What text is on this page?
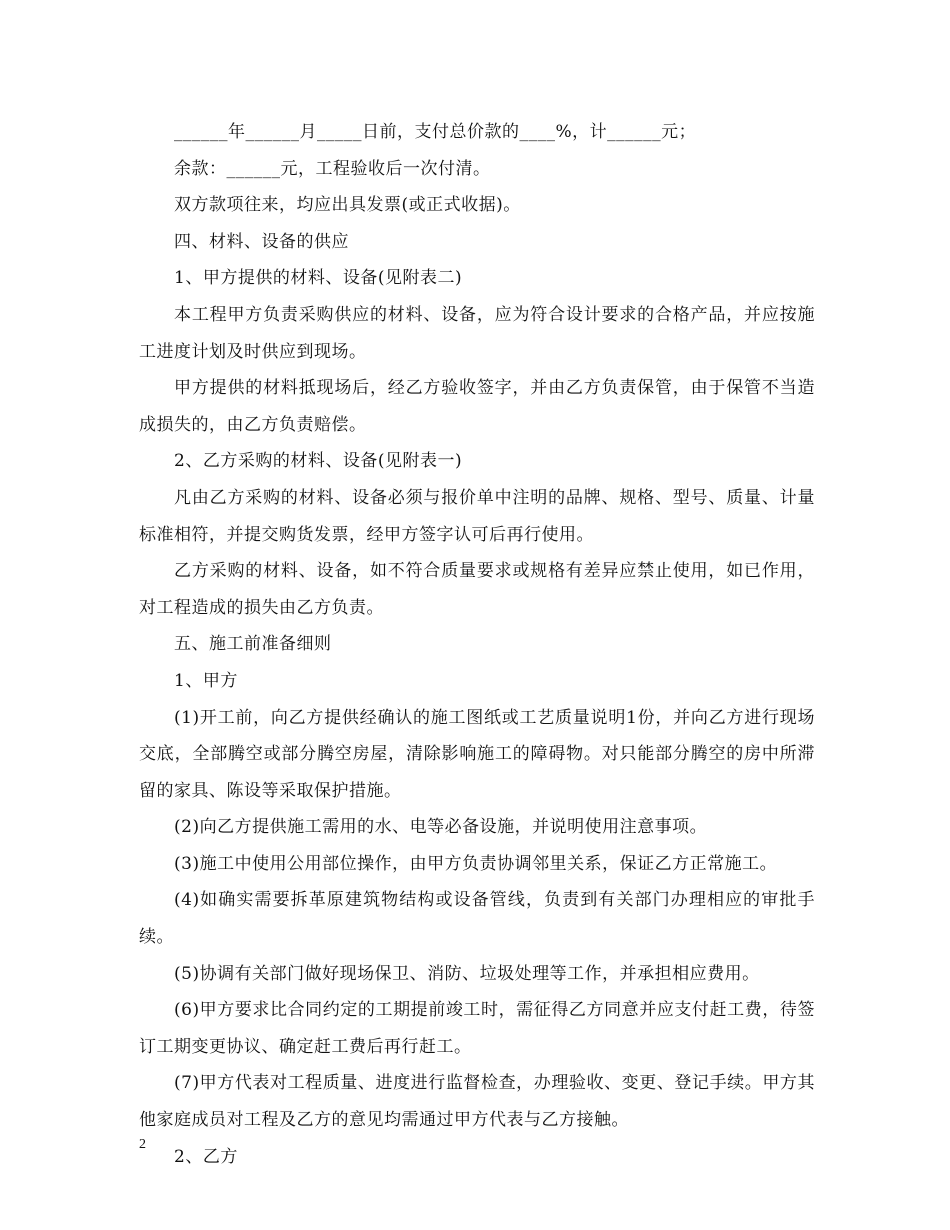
______年______月_____日前，支付总价款的____%，计______元；

余款：______元，工程验收后一次付清。

双方款项往来，均应出具发票(或正式收据)。

四、材料、设备的供应

1、甲方提供的材料、设备(见附表二)

本工程甲方负责采购供应的材料、设备，应为符合设计要求的合格产品，并应按施工进度计划及时供应到现场。

甲方提供的材料抵现场后，经乙方验收签字，并由乙方负责保管，由于保管不当造成损失的，由乙方负责赔偿。

2、乙方采购的材料、设备(见附表一)

凡由乙方采购的材料、设备必须与报价单中注明的品牌、规格、型号、质量、计量标准相符，并提交购货发票，经甲方签字认可后再行使用。

乙方采购的材料、设备，如不符合质量要求或规格有差异应禁止使用，如已作用，对工程造成的损失由乙方负责。

五、施工前准备细则

1、甲方

(1)开工前，向乙方提供经确认的施工图纸或工艺质量说明1份，并向乙方进行现场交底，全部腾空或部分腾空房屋，清除影响施工的障碍物。对只能部分腾空的房中所滞留的家具、陈设等采取保护措施。

(2)向乙方提供施工需用的水、电等必备设施，并说明使用注意事项。

(3)施工中使用公用部位操作，由甲方负责协调邻里关系，保证乙方正常施工。

(4)如确实需要拆革原建筑物结构或设备管线，负责到有关部门办理相应的审批手续。

(5)协调有关部门做好现场保卫、消防、垃圾处理等工作，并承担相应费用。

(6)甲方要求比合同约定的工期提前竣工时，需征得乙方同意并应支付赶工费，待签订工期变更协议、确定赶工费后再行赶工。

(7)甲方代表对工程质量、进度进行监督检查，办理验收、变更、登记手续。甲方其他家庭成员对工程及乙方的意见均需通过甲方代表与乙方接触。

2、乙方

2
